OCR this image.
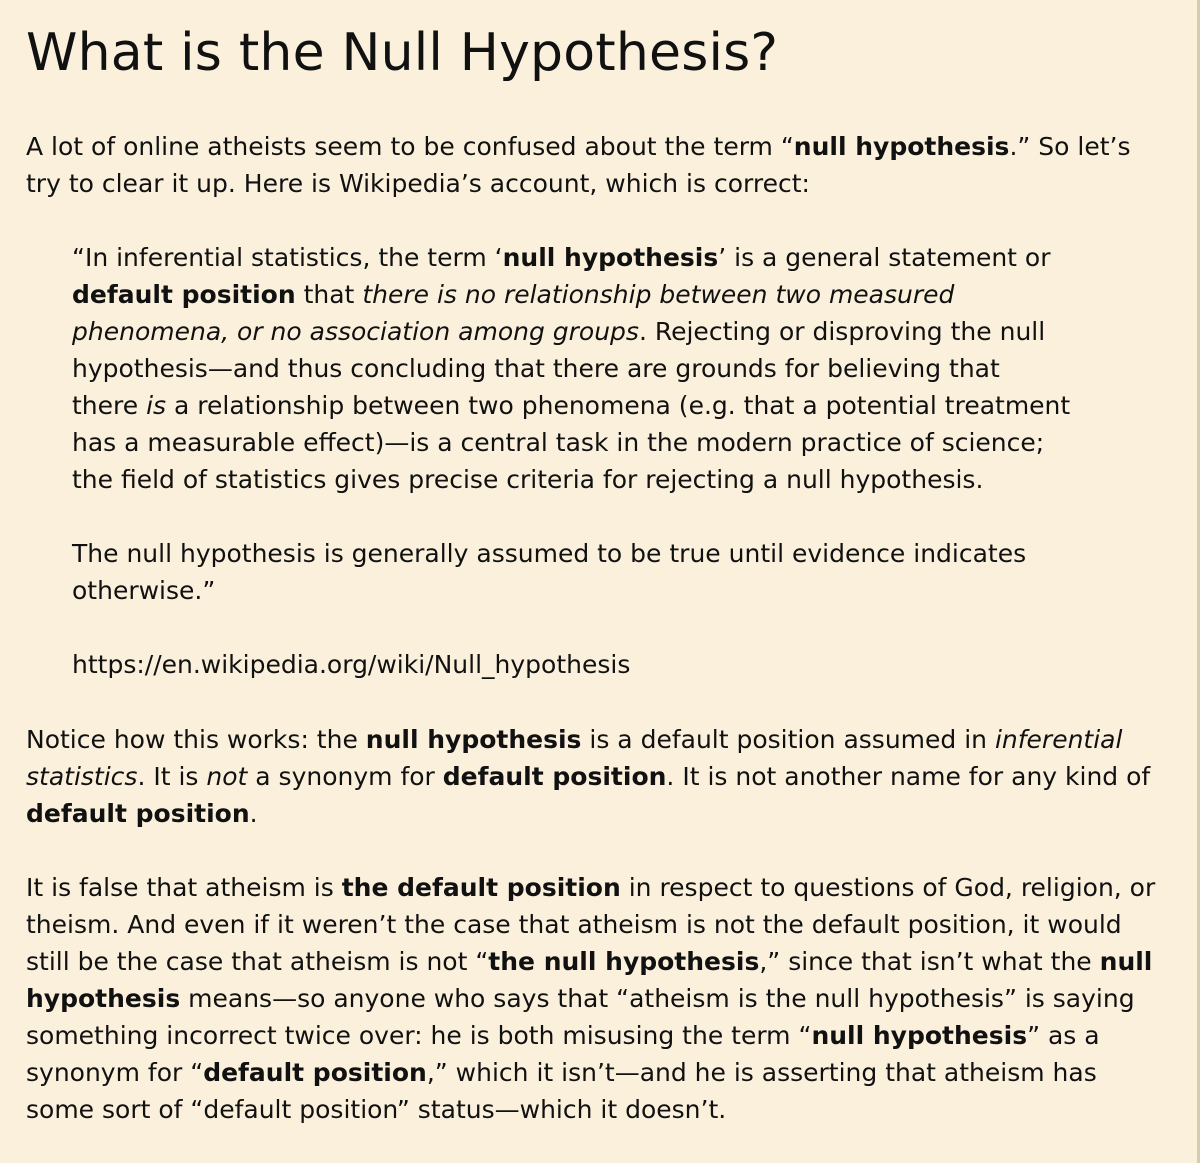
What is the Null Hypothesis?

A lot of online atheists seem to be confused about the term “null hypothesis.” So let’s
try to clear it up. Here is Wikipedia’s account, which is correct:

“In inferential statistics, the term ‘null hypothesis’ is a general statement or
default position that there is no relationship between two measured
phenomena, or no association among groups. Rejecting or disproving the null
hypothesis—and thus concluding that there are grounds for believing that
there is a relationship between two phenomena (e.g. that a potential treatment
has a measurable effect)—is a central task in the modern practice of science;
the field of statistics gives precise criteria for rejecting a null hypothesis.

The null hypothesis is generally assumed to be true until evidence indicates
otherwise.”

https://en.wikipedia.org/wiki/Null_hypothesis

Notice how this works: the null hypothesis is a default position assumed in inferential
statistics. It is not a synonym for default position. It is not another name for any kind of
default position.

It is false that atheism is the default position in respect to questions of God, religion, or
theism. And even if it weren’t the case that atheism is not the default position, it would
still be the case that atheism is not “the null hypothesis,” since that isn’t what the null
hypothesis means—so anyone who says that “atheism is the null hypothesis” is saying
something incorrect twice over: he is both misusing the term “null hypothesis” as a
synonym for “default position,” which it isn’t—and he is asserting that atheism has
some sort of “default position” status—which it doesn’t.
